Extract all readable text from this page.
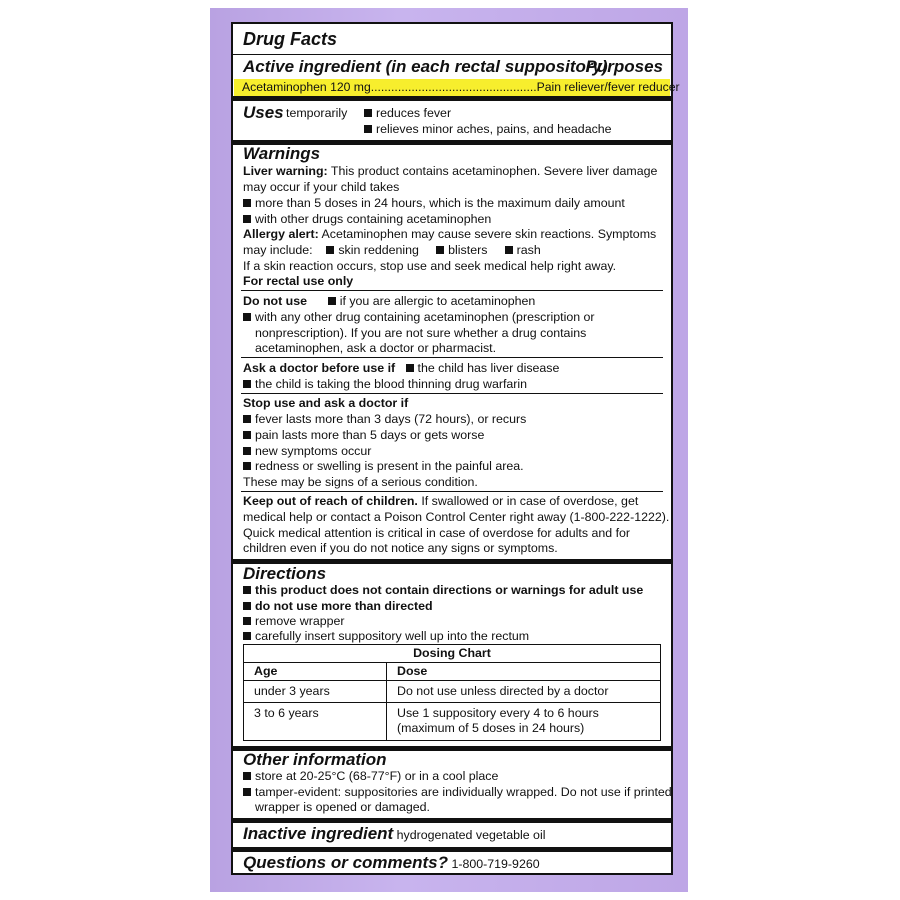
Drug Facts
Active ingredient (in each rectal suppository)
Purposes
Acetaminophen 120 mg.................................................Pain reliever/fever reducer
Uses temporarily	reduces fever
relieves minor aches, pains, and headache
Warnings
Liver warning: This product contains acetaminophen. Severe liver damage
may occur if your child takes
more than 5 doses in 24 hours, which is the maximum daily amount
with other drugs containing acetaminophen
Allergy alert: Acetaminophen may cause severe skin reactions. Symptoms
may include: skin reddening blisters rash
If a skin reaction occurs, stop use and seek medical help right away.
For rectal use only
Do not use	if you are allergic to acetaminophen
with any other drug containing acetaminophen (prescription or
nonprescription). If you are not sure whether a drug contains
acetaminophen, ask a doctor or pharmacist.
Ask a doctor before use if the child has liver disease
the child is taking the blood thinning drug warfarin
Stop use and ask a doctor if
fever lasts more than 3 days (72 hours), or recurs
pain lasts more than 5 days or gets worse
new symptoms occur
redness or swelling is present in the painful area.
These may be signs of a serious condition.
Keep out of reach of children. If swallowed or in case of overdose, get
medical help or contact a Poison Control Center right away (1-800-222-1222).
Quick medical attention is critical in case of overdose for adults and for
children even if you do not notice any signs or symptoms.
Directions
this product does not contain directions or warnings for adult use
do not use more than directed
remove wrapper
carefully insert suppository well up into the rectum
Dosing Chart	
Age	Dose
under 3 years	Do not use unless directed by a doctor
3 to 6 years	Use 1 suppository every 4 to 6 hours
(maximum of 5 doses in 24 hours)
Other information
store at 20-25°C (68-77°F) or in a cool place
tamper-evident: suppositories are individually wrapped. Do not use if printed
wrapper is opened or damaged.
Inactive ingredient hydrogenated vegetable oil
Questions or comments? 1-800-719-9260
